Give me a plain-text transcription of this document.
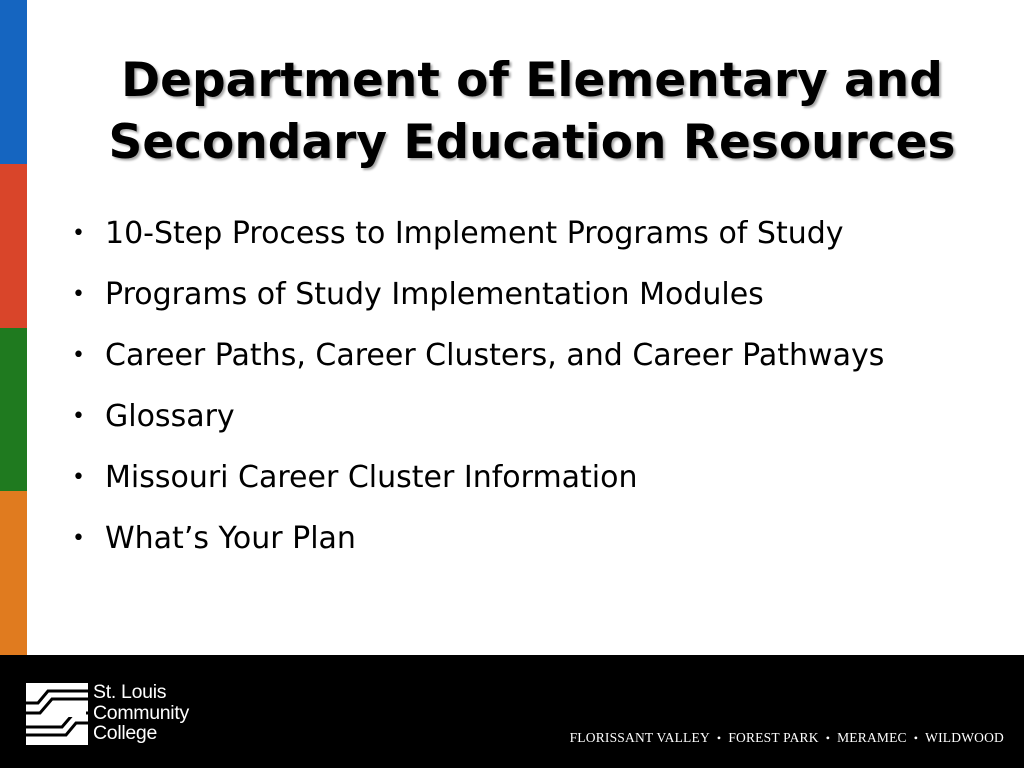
Department of Elementary and
Secondary Education Resources
• 10-Step Process to Implement Programs of Study
• Programs of Study Implementation Modules
• Career Paths, Career Clusters, and Career Pathways
• Glossary
• Missouri Career Cluster Information
• What’s Your Plan
St. Louis
Community
College	FLORISSANT VALLEY • FOREST PARK • MERAMEC • WILDWOOD
